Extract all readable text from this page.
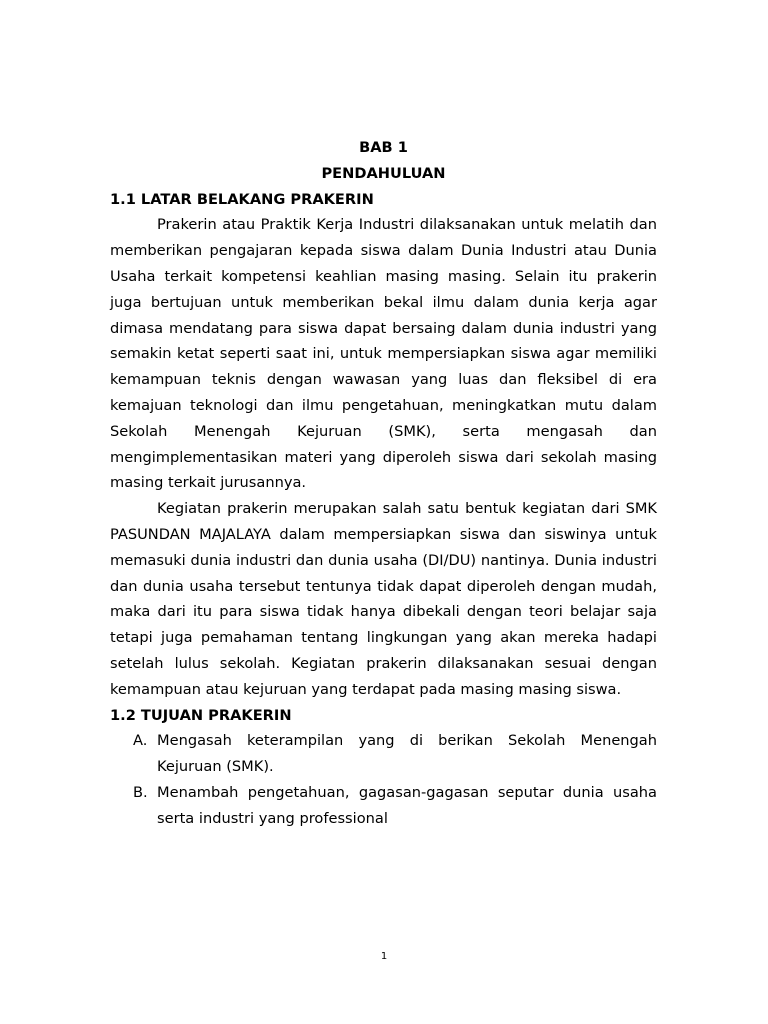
BAB 1
PENDAHULUAN
1.1 LATAR BELAKANG PRAKERIN

Prakerin atau Praktik Kerja Industri dilaksanakan untuk melatih dan memberikan pengajaran kepada siswa dalam Dunia Industri atau Dunia Usaha terkait kompetensi keahlian masing masing. Selain itu prakerin juga bertujuan untuk memberikan bekal ilmu dalam dunia kerja agar dimasa mendatang para siswa dapat bersaing dalam dunia industri yang semakin ketat seperti saat ini, untuk mempersiapkan siswa agar memiliki kemampuan teknis dengan wawasan yang luas dan fleksibel di era kemajuan teknologi dan ilmu pengetahuan, meningkatkan mutu dalam Sekolah Menengah Kejuruan (SMK), serta mengasah dan mengimplementasikan materi yang diperoleh siswa dari sekolah masing masing terkait jurusannya.

Kegiatan prakerin merupakan salah satu bentuk kegiatan dari SMK PASUNDAN MAJALAYA dalam mempersiapkan siswa dan siswinya untuk memasuki dunia industri dan dunia usaha (DI/DU) nantinya. Dunia industri dan dunia usaha tersebut tentunya tidak dapat diperoleh dengan mudah, maka dari itu para siswa tidak hanya dibekali dengan teori belajar saja tetapi juga pemahaman tentang lingkungan yang akan mereka hadapi setelah lulus sekolah. Kegiatan prakerin dilaksanakan sesuai dengan kemampuan atau kejuruan yang terdapat pada masing masing siswa.

1.2 TUJUAN PRAKERIN
A. Mengasah keterampilan yang di berikan Sekolah Menengah Kejuruan (SMK).
B. Menambah pengetahuan, gagasan-gagasan seputar dunia usaha serta industri yang professional
1
